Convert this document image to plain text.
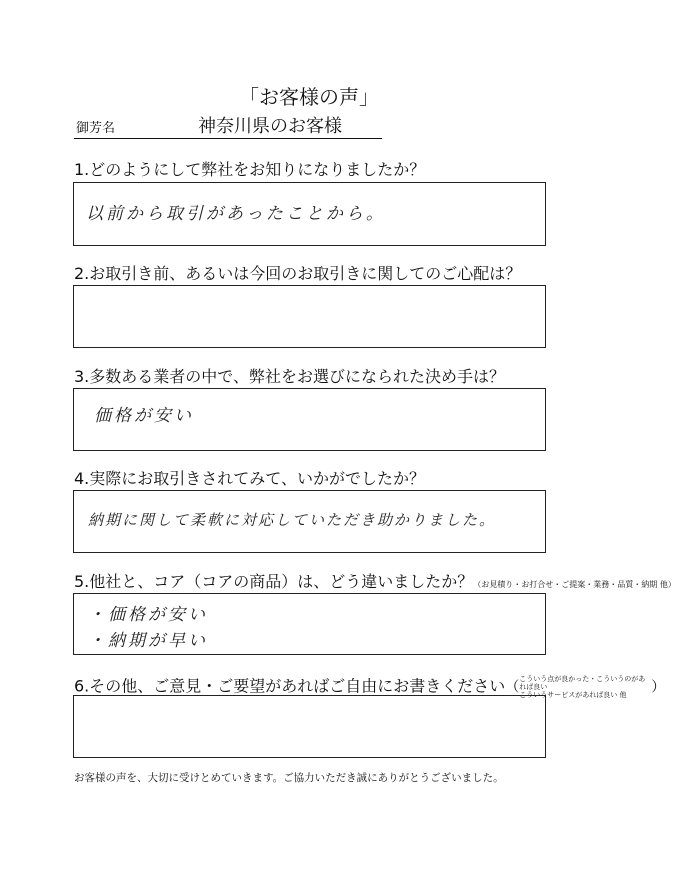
「お客様の声」
御芳名	神奈川県のお客様
1.どのようにして弊社をお知りになりましたか？
以前から取引があったことから。
2.お取引き前、あるいは今回のお取引きに関してのご心配は？
3.多数ある業者の中で、弊社をお選びになられた決め手は？
価格が安い
4.実際にお取引きされてみて、いかがでしたか？
納期に関して柔軟に対応していただき助かりました。
5.他社と、コア（コアの商品）は、どう違いましたか？（お見積り・お打合せ・ご提案・業務・品質・納期 他）
・価格が安い
・納期が早い
6.その他、ご意見・ご要望があればご自由にお書きください（こういう点が良かった・こういうのがあれば良い
こういうサービスがあれば良い 他 ）
お客様の声を、大切に受けとめていきます。ご協力いただき誠にありがとうございました。
